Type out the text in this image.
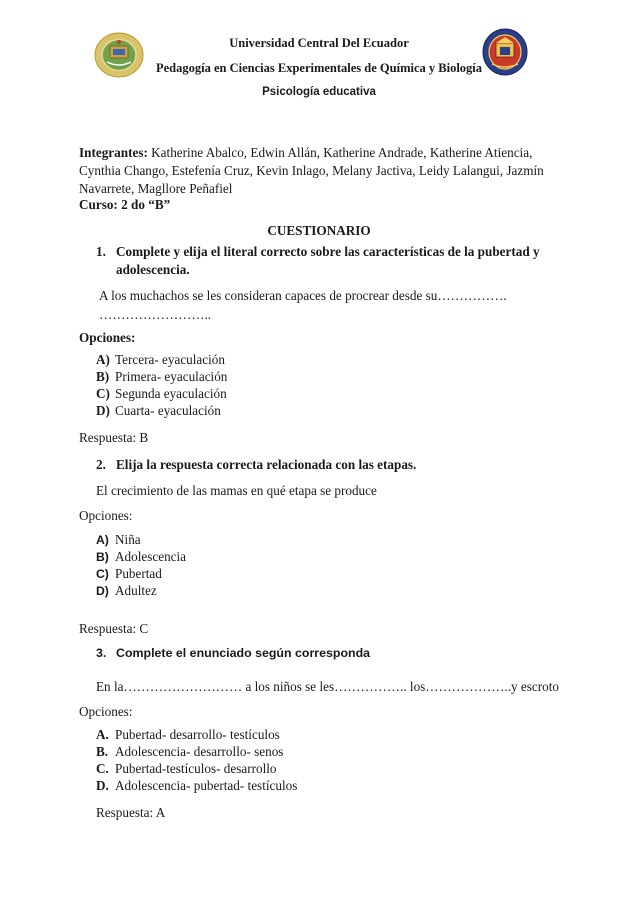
Universidad Central Del Ecuador
Pedagogía en Ciencias Experimentales de Química y Biología
Psicología educativa
Integrantes: Katherine Abalco, Edwin Allán, Katherine Andrade, Katherine Atiencia,
Cynthia Chango, Estefenía Cruz, Kevin Inlago, Melany Jactiva, Leidy Lalangui, Jazmín
Navarrete, Magllore Peñafiel
Curso: 2 do “B”
CUESTIONARIO
1. Complete y elija el literal correcto sobre las características de la pubertad y
adolescencia.
A los muchachos se les consideran capaces de procrear desde su…………….
……………………..
Opciones:
A) Tercera- eyaculación
B) Primera- eyaculación
C) Segunda eyaculación
D) Cuarta- eyaculación
Respuesta: B
2. Elija la respuesta correcta relacionada con las etapas.
El crecimiento de las mamas en qué etapa se produce
Opciones:
A) Niña
B) Adolescencia
C) Pubertad
D) Adultez
Respuesta: C
3. Complete el enunciado según corresponda
En la……………………… a los niños se les…………….. los………………..y escroto
Opciones:
A. Pubertad- desarrollo- testículos
B. Adolescencia- desarrollo- senos
C. Pubertad-testículos- desarrollo
D. Adolescencia- pubertad- testículos
Respuesta: A
